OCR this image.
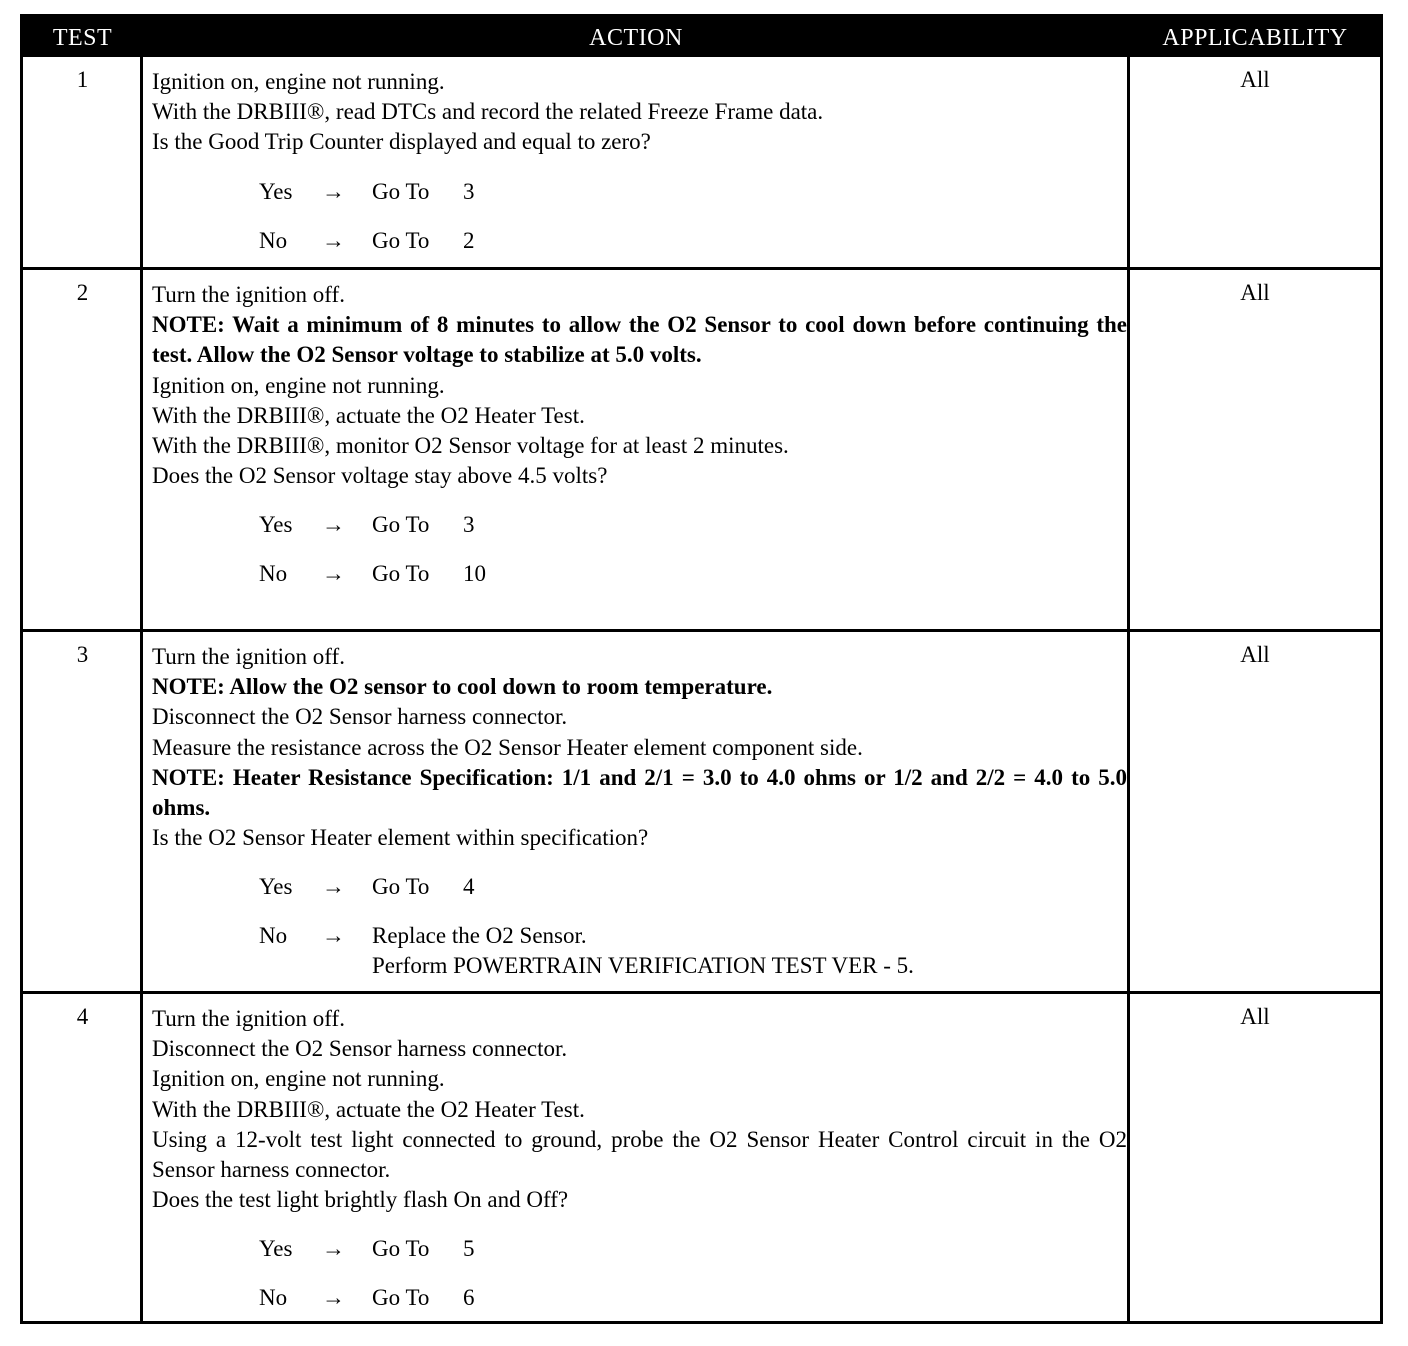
TEST	ACTION	APPLICABILITY
1	Ignition on, engine not running.
With the DRBIII®, read DTCs and record the related Freeze Frame data.
Is the Good Trip Counter displayed and equal to zero?
Yes → Go To 3
No → Go To 2
All
2	Turn the ignition off.
NOTE: Wait a minimum of 8 minutes to allow the O2 Sensor to cool down before continuing the test. Allow the O2 Sensor voltage to stabilize at 5.0 volts.
Ignition on, engine not running.
With the DRBIII®, actuate the O2 Heater Test.
With the DRBIII®, monitor O2 Sensor voltage for at least 2 minutes.
Does the O2 Sensor voltage stay above 4.5 volts?
Yes → Go To 3
No → Go To 10
All
3	Turn the ignition off.
NOTE: Allow the O2 sensor to cool down to room temperature.
Disconnect the O2 Sensor harness connector.
Measure the resistance across the O2 Sensor Heater element component side.
NOTE: Heater Resistance Specification: 1/1 and 2/1 = 3.0 to 4.0 ohms or 1/2 and 2/2 = 4.0 to 5.0 ohms.
Is the O2 Sensor Heater element within specification?
Yes → Go To 4
No → Replace the O2 Sensor.
Perform POWERTRAIN VERIFICATION TEST VER - 5.
All
4	Turn the ignition off.
Disconnect the O2 Sensor harness connector.
Ignition on, engine not running.
With the DRBIII®, actuate the O2 Heater Test.
Using a 12-volt test light connected to ground, probe the O2 Sensor Heater Control circuit in the O2 Sensor harness connector.
Does the test light brightly flash On and Off?
Yes → Go To 5
No → Go To 6
All
